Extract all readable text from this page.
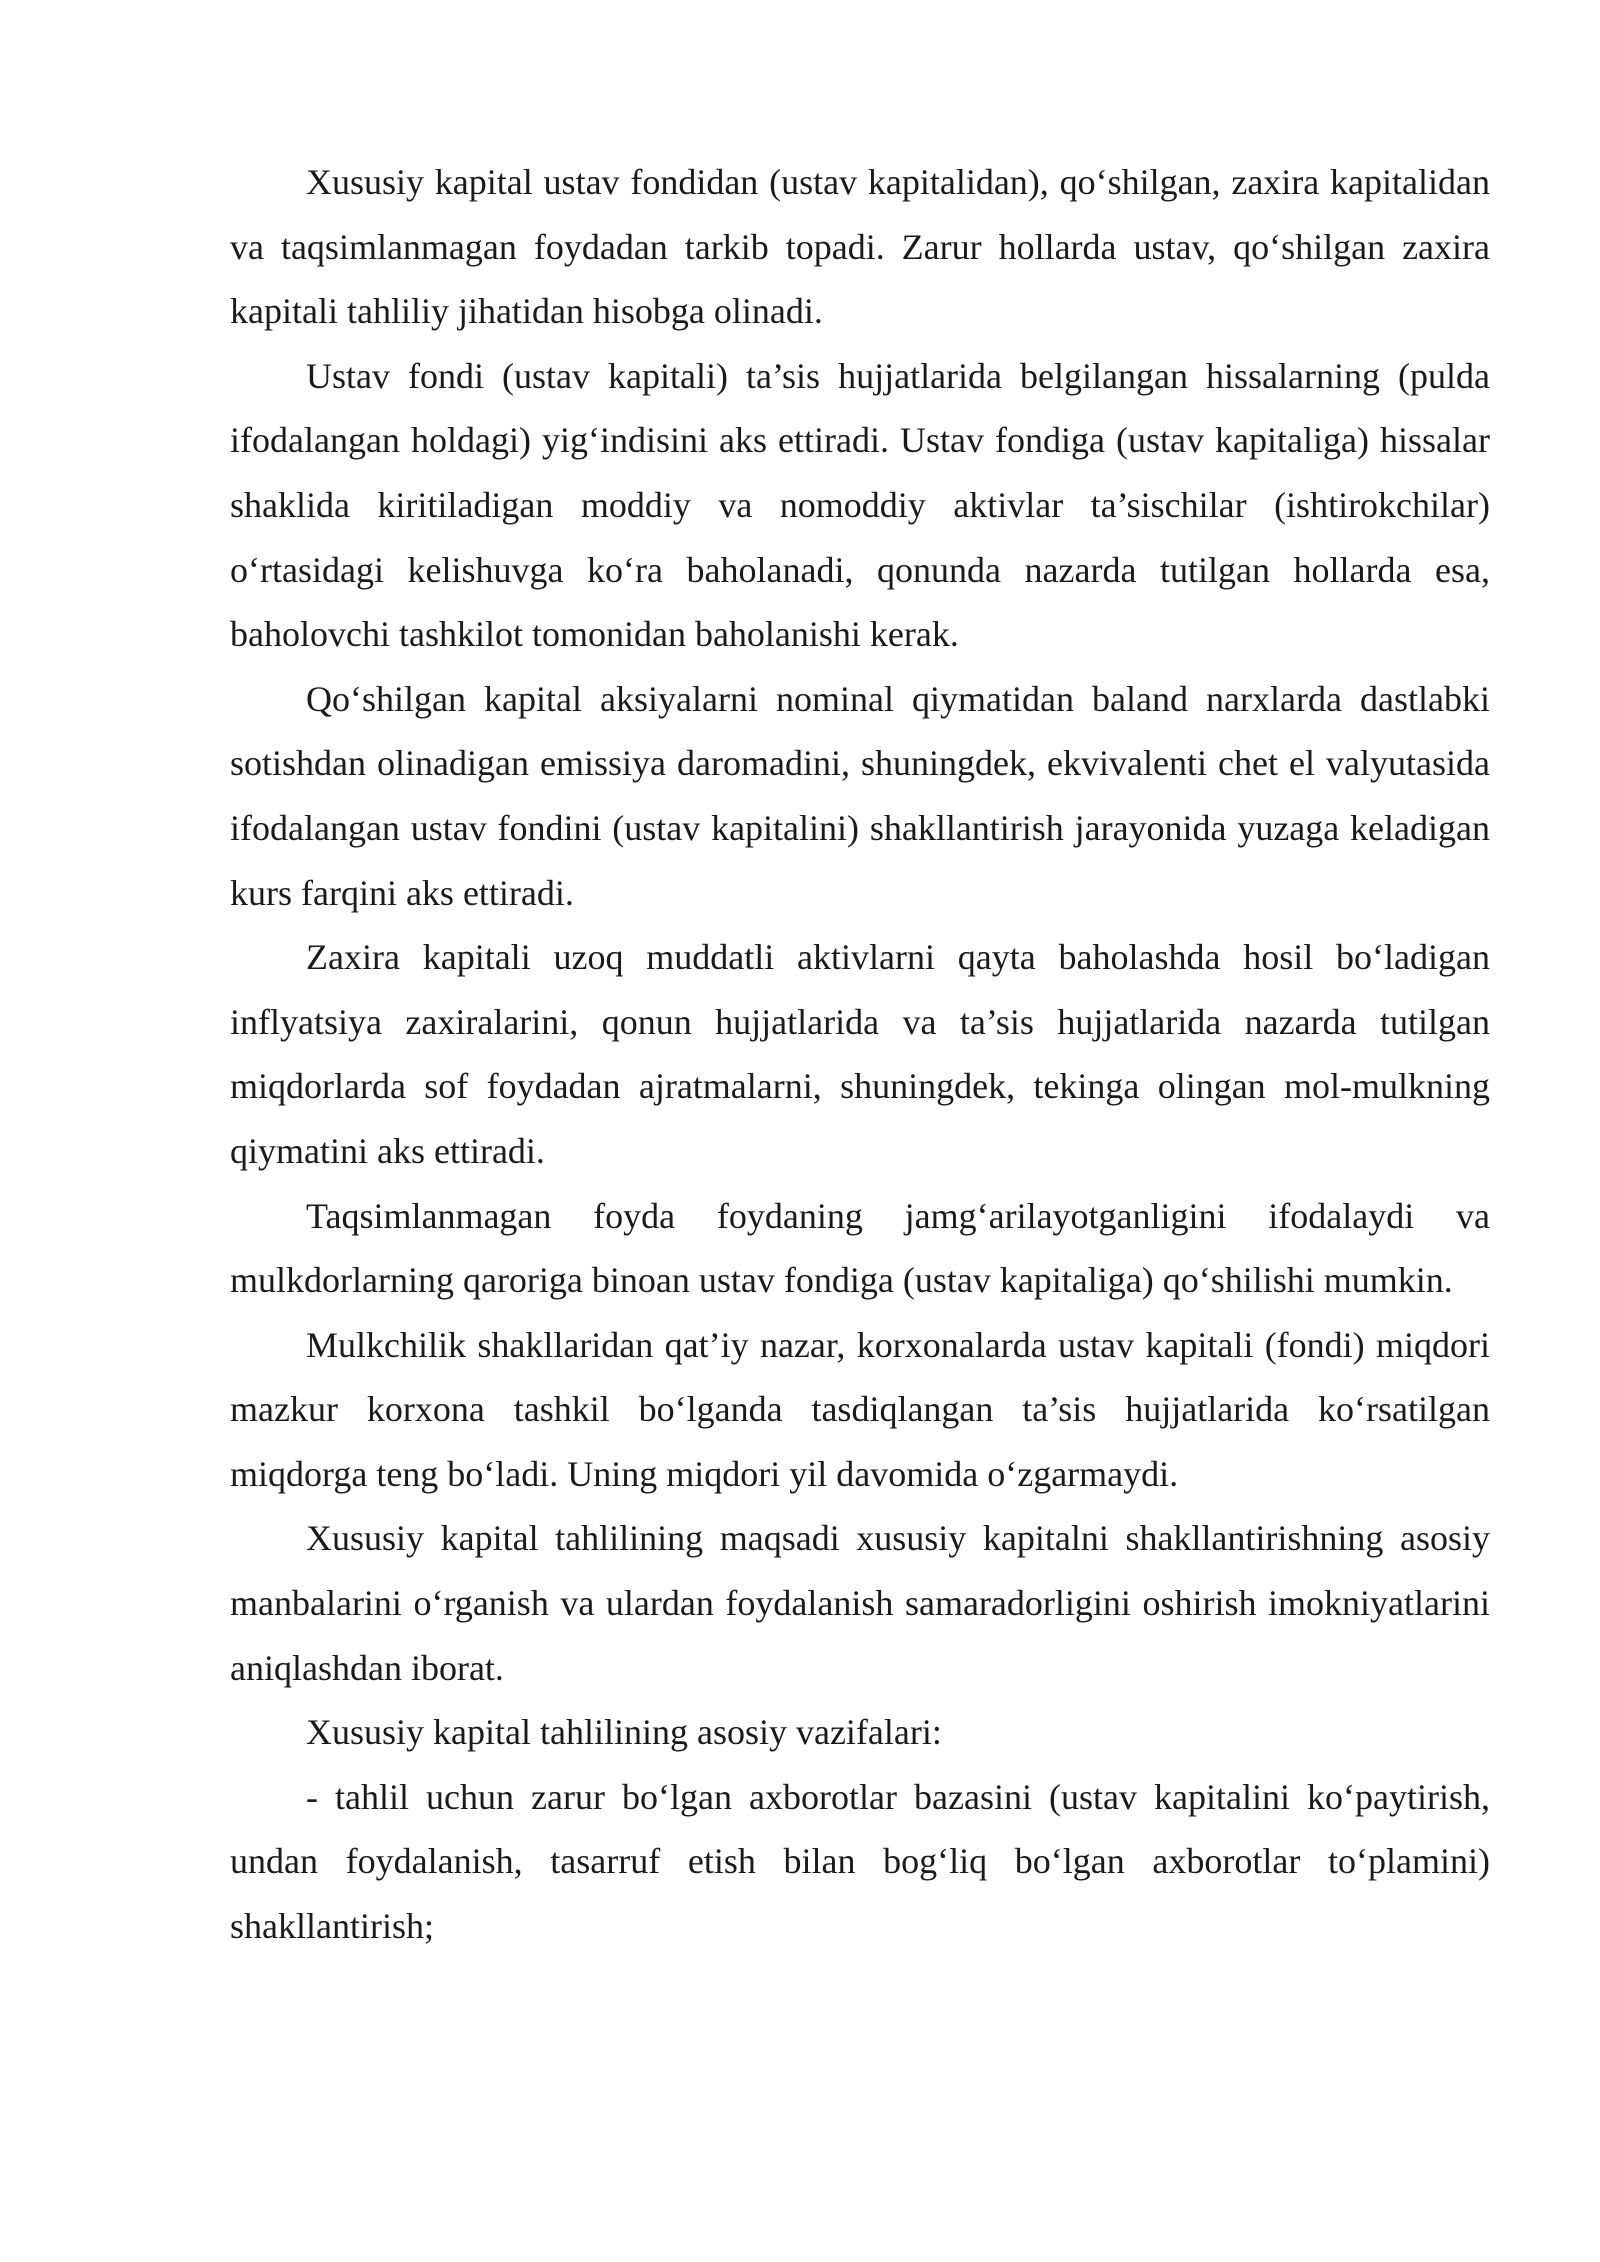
Xususiy kapital ustav fondidan (ustav kapitalidan), qo‘shilgan, zaxira kapitalidan va taqsimlanmagan foydadan tarkib topadi. Zarur hollarda ustav, qo‘shilgan zaxira kapitali tahliliy jihatidan hisobga olinadi.

Ustav fondi (ustav kapitali) ta’sis hujjatlarida belgilangan hissalarning (pulda ifodalangan holdagi) yig‘indisini aks ettiradi. Ustav fondiga (ustav kapitaliga) hissalar shaklida kiritiladigan moddiy va nomoddiy aktivlar ta’sischilar (ishtirokchilar) o‘rtasidagi kelishuvga ko‘ra baholanadi, qonunda nazarda tutilgan hollarda esa, baholovchi tashkilot tomonidan baholanishi kerak.

Qo‘shilgan kapital aksiyalarni nominal qiymatidan baland narxlarda dastlabki sotishdan olinadigan emissiya daromadini, shuningdek, ekvivalenti chet el valyutasida ifodalangan ustav fondini (ustav kapitalini) shakllantirish jarayonida yuzaga keladigan kurs farqini aks ettiradi.

Zaxira kapitali uzoq muddatli aktivlarni qayta baholashda hosil bo‘ladigan inflyatsiya zaxiralarini, qonun hujjatlarida va ta’sis hujjatlarida nazarda tutilgan miqdorlarda sof foydadan ajratmalarni, shuningdek, tekinga olingan mol-mulkning qiymatini aks ettiradi.

Taqsimlanmagan foyda foydaning jamg‘arilayotganligini ifodalaydi va mulkdorlarning qaroriga binoan ustav fondiga (ustav kapitaliga) qo‘shilishi mumkin.

Mulkchilik shakllaridan qat’iy nazar, korxonalarda ustav kapitali (fondi) miqdori mazkur korxona tashkil bo‘lganda tasdiqlangan ta’sis hujjatlarida ko‘rsatilgan miqdorga teng bo‘ladi. Uning miqdori yil davomida o‘zgarmaydi.

Xususiy kapital tahlilining maqsadi xususiy kapitalni shakllantirishning asosiy manbalarini o‘rganish va ulardan foydalanish samaradorligini oshirish imokniyatlarini aniqlashdan iborat.

Xususiy kapital tahlilining asosiy vazifalari:

- tahlil uchun zarur bo‘lgan axborotlar bazasini (ustav kapitalini ko‘paytirish, undan foydalanish, tasarruf etish bilan bog‘liq bo‘lgan axborotlar to‘plamini) shakllantirish;
